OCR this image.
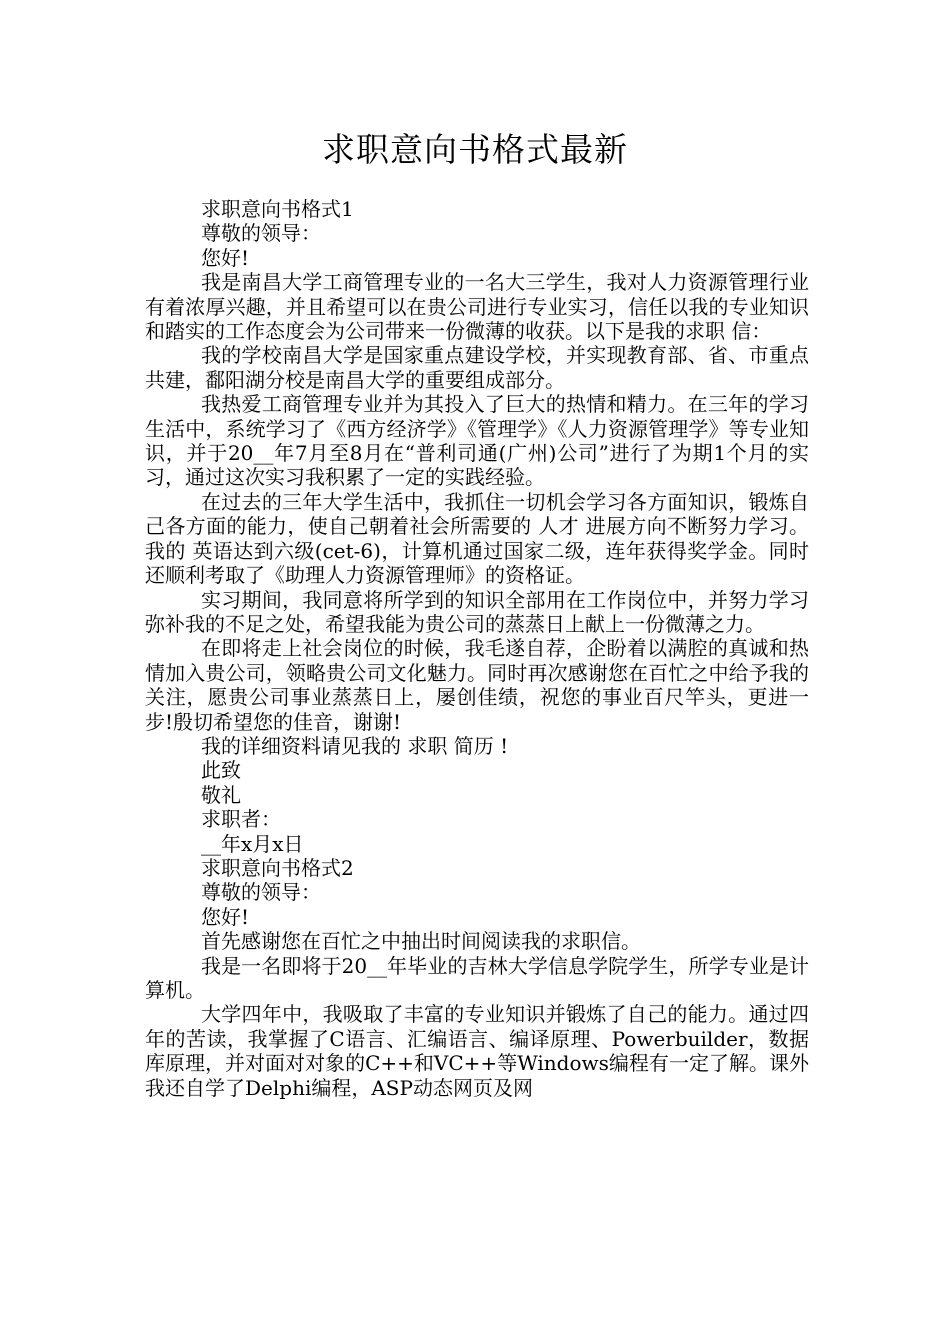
求职意向书格式最新

求职意向书格式1

尊敬的领导：

您好!

我是南昌大学工商管理专业的一名大三学生，我对人力资源管理行业有着浓厚兴趣，并且希望可以在贵公司进行专业实习，信任以我的专业知识和踏实的工作态度会为公司带来一份微薄的收获。以下是我的求职 信：

我的学校南昌大学是国家重点建设学校，并实现教育部、省、市重点共建，鄱阳湖分校是南昌大学的重要组成部分。

我热爱工商管理专业并为其投入了巨大的热情和精力。在三年的学习生活中，系统学习了《西方经济学》《管理学》《人力资源管理学》等专业知识，并于20__年7月至8月在“普利司通(广州)公司”进行了为期1个月的实习，通过这次实习我积累了一定的实践经验。

在过去的三年大学生活中，我抓住一切机会学习各方面知识，锻炼自己各方面的能力，使自己朝着社会所需要的 人才 进展方向不断努力学习。我的 英语达到六级(cet-6)，计算机通过国家二级，连年获得奖学金。同时还顺利考取了《助理人力资源管理师》的资格证。

实习期间，我同意将所学到的知识全部用在工作岗位中，并努力学习弥补我的不足之处，希望我能为贵公司的蒸蒸日上献上一份微薄之力。

在即将走上社会岗位的时候，我毛遂自荐，企盼着以满腔的真诚和热情加入贵公司，领略贵公司文化魅力。同时再次感谢您在百忙之中给予我的关注，愿贵公司事业蒸蒸日上，屡创佳绩，祝您的事业百尺竿头，更进一步!殷切希望您的佳音，谢谢!

我的详细资料请见我的 求职 简历 !

此致

敬礼

求职者：

__年x月x日

求职意向书格式2

尊敬的领导：

您好!

首先感谢您在百忙之中抽出时间阅读我的求职信。

我是一名即将于20__年毕业的吉林大学信息学院学生，所学专业是计算机。

大学四年中，我吸取了丰富的专业知识并锻炼了自己的能力。通过四年的苦读，我掌握了C语言、汇编语言、编译原理、Powerbuilder，数据库原理，并对面对对象的C++和VC++等Windows编程有一定了解。课外我还自学了Delphi编程，ASP动态网页及网
